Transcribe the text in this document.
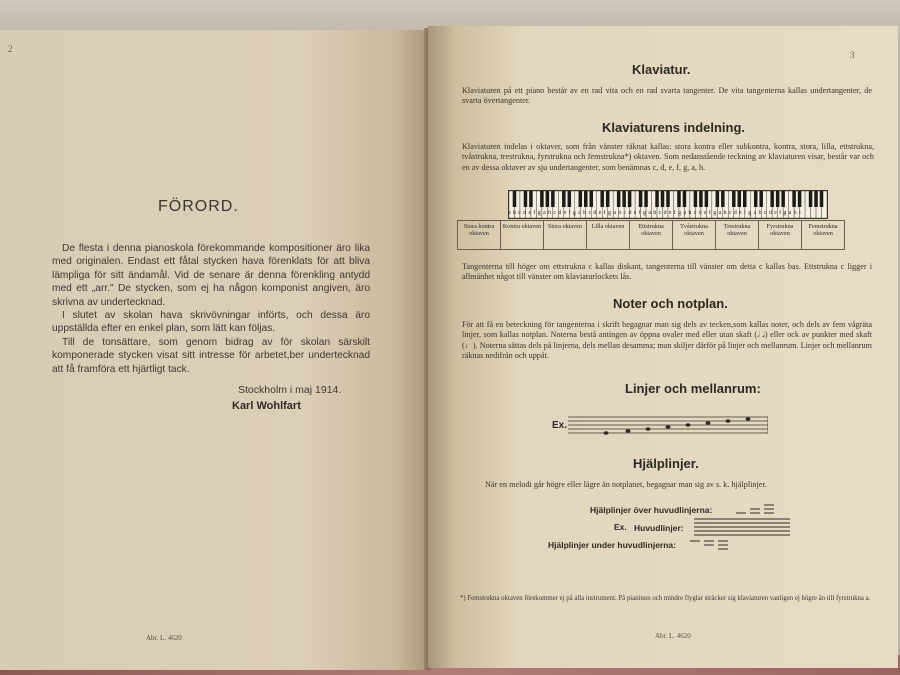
2
FÖRORD.

De flesta i denna pianoskola förekommande kompositioner äro lika med originalen. Endast ett fåtal stycken hava förenklats för att bliva lämpliga för sitt ändamål. Vid de senare är denna förenkling antydd med ett „arr." De stycken, som ej ha någon komponist angiven, äro skrivna av undertecknad.

I slutet av skolan hava skrivövningar införts, och dessa äro uppställda efter en enkel plan, som lätt kan följas.

Till de tonsättare, som genom bidrag av för skolan särskilt komponerade stycken visat sitt intresse för arbetet,ber undertecknad att få framföra ett hjärtligt tack.

Stockholm i maj 1914.
Karl Wohlfart
Abr. L. 4620
3
Klaviatur.
Klaviaturen på ett piano består av en rad vita och en rad svarta tangenter. De vita tangenterna kallas undertangenter, de svarta övertangenter.
Klaviaturens indelning.
Klaviaturen indelas i oktaver, som från vänster räknat kallas: stora kontra eller subkontra, kontra, stora, lilla, ettstrukna, tvåstrukna, trestrukna, fyrstrukna och femstrukna*) oktaven. Som nedanstående teckning av klaviaturen visar, består var och en av dessa oktaver av sju undertangenter, som benämnas c, d, e, f, g, a, h.
a h c d e f g a h c d e f g a h c d e f g a h c d e f g a h c d e f g a h c d e f g a h c d e f g a h c d e f g a h c
Stora kontra oktaven
Kontra oktaven	Stora oktaven	Lilla oktaven	Ettstrukna oktaven
Tvåstrukna oktaven
Trestrukna oktaven
Fyrstrukna oktaven
Femstrukna oktaven
Tangenterna till höger om ettstrukna c kallas diskant, tangenterna till vänster om detta c kallas bas. Ettstrukna c ligger i allmänhet något till vänster om klaviaturlockets lås.
Noter och notplan.
För att få en beteckning för tangenterna i skrift begagnar man sig dels av tecken,som kallas noter, och dels av fem vågräta linjer, som kallas notplan. Noterna bestå antingen av öppna ovaler med eller utan skaft (𝅗𝅥 𝅘𝅥) eller ock av punkter med skaft (♩). Noterna sättas dels på linjerna, dels mellan desamma; man skiljer därför på linjer och mellanrum. Linjer och mellanrum räknas nedifrån och uppåt.
Linjer och mellanrum:
Ex.
Hjälplinjer.
När en melodi går högre eller lägre än notplanet, begagnar man sig av s. k. hjälplinjer.
Hjälplinjer över huvudlinjerna:
Ex. Huvudlinjer:
Hjälplinjer under huvudlinjerna:
*) Femstrukna oktaven förekommer ej på alla instrument. På pianinon och mindre flyglar sträcker sig klaviaturen vanligen ej högre än till fyrstrukna a.
Abr. L. 4620
